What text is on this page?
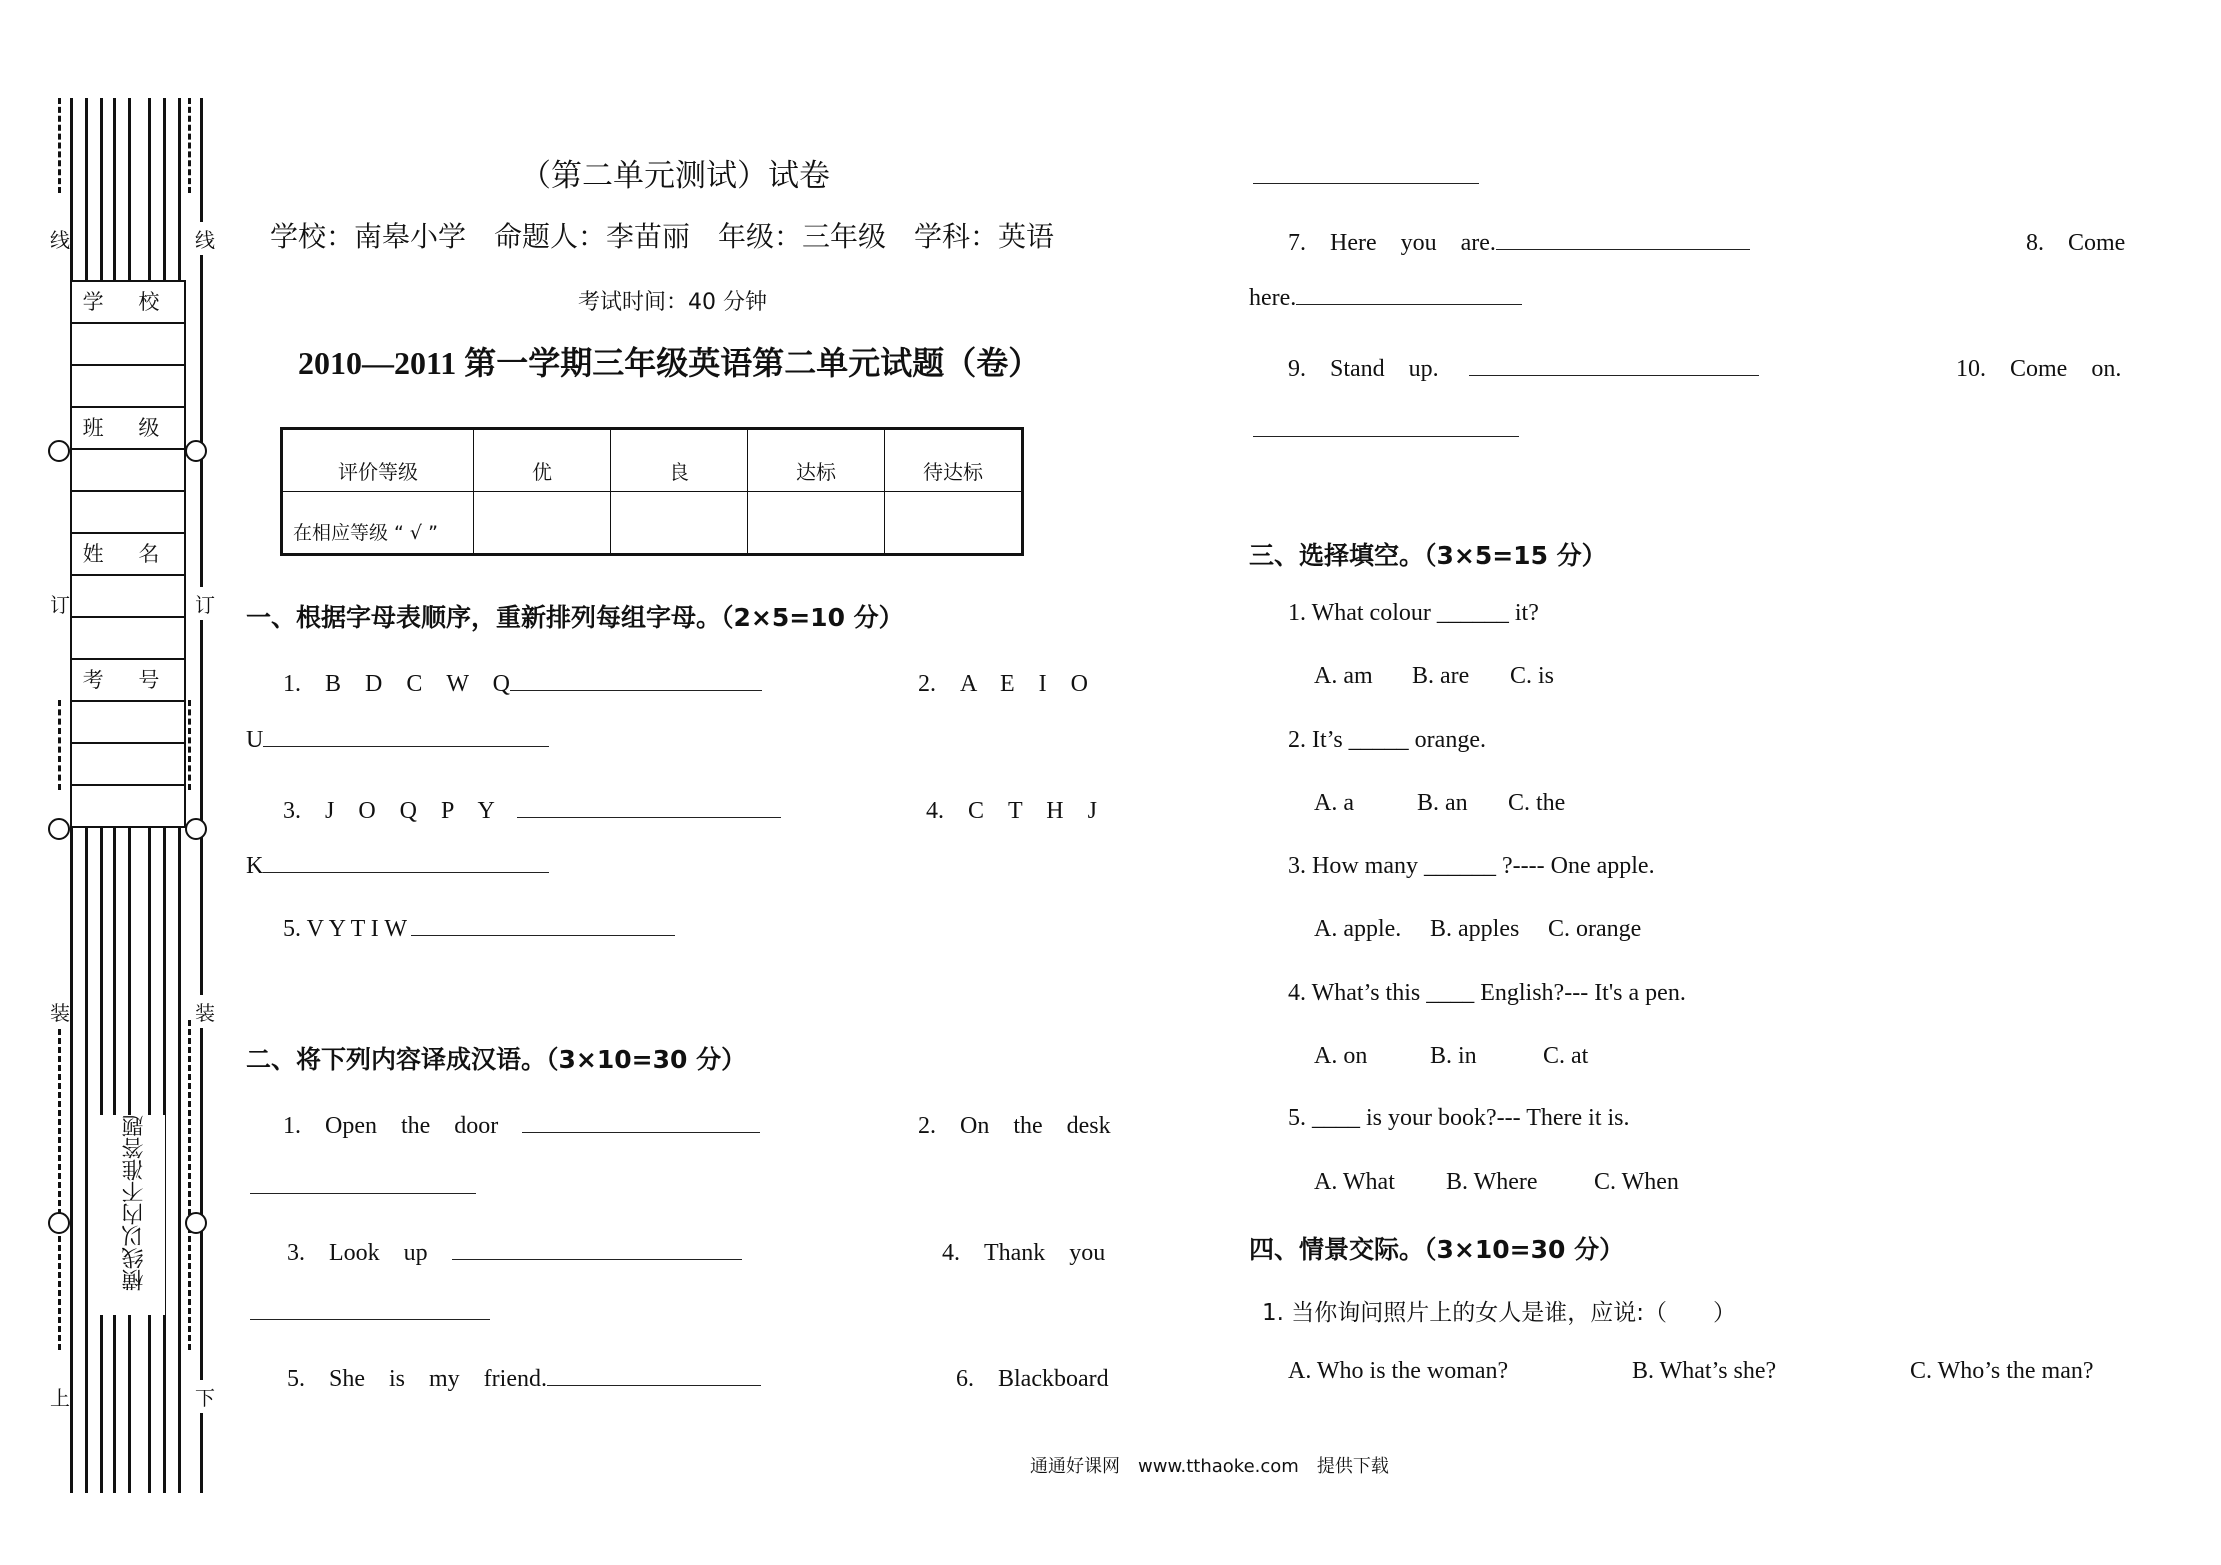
线	线
订	订
装	装
上	下
学 校
班 级
姓 名
考 号
横线以内不准答题
（第二单元测试）试卷
学校：南皋小学　命题人：李苗丽　年级：三年级　学科：英语
考试时间：40 分钟
2010—2011 第一学期三年级英语第二单元试题（卷）
评价等级	优	良	达标	待达标
在相应等级 “ √ ”				
一、根据字母表顺序，重新排列每组字母。（2×5=10 分）
1.　B　D　C　W　Q	2.　A　E　I　O
U
3.　J　O　Q　P　Y	4.　C　T　H　J
K
5. V Y T I W
二、将下列内容译成汉语。（3×10=30 分）
1.　Open　the　door	2.　On　the　desk
3.　Look　up	4.　Thank　you
5.　She　is　my　friend.	6.　Blackboard
7.　Here　you　are.	8.　Come
here.
9.　Stand　up.	10.　Come　on.
三、选择填空。（3×5=15 分）
1. What colour ______ it?
A. am B. are C. is
2. It’s _____ orange.
A. a	B. an C. the
3. How many ______ ?---- One apple.
A. apple. B. apples C. orange
4. What’s this ____ English?--- It's a pen.
A. on	B. in	C. at
5. ____ is your book?--- There it is.
A. What B. Where C. When
四、情景交际。（3×10=30 分）
1. 当你询问照片上的女人是谁，应说:（　　）
A. Who is the woman?	B. What’s she?	C. Who’s the man?
通通好课网　www.tthaoke.com　提供下载
